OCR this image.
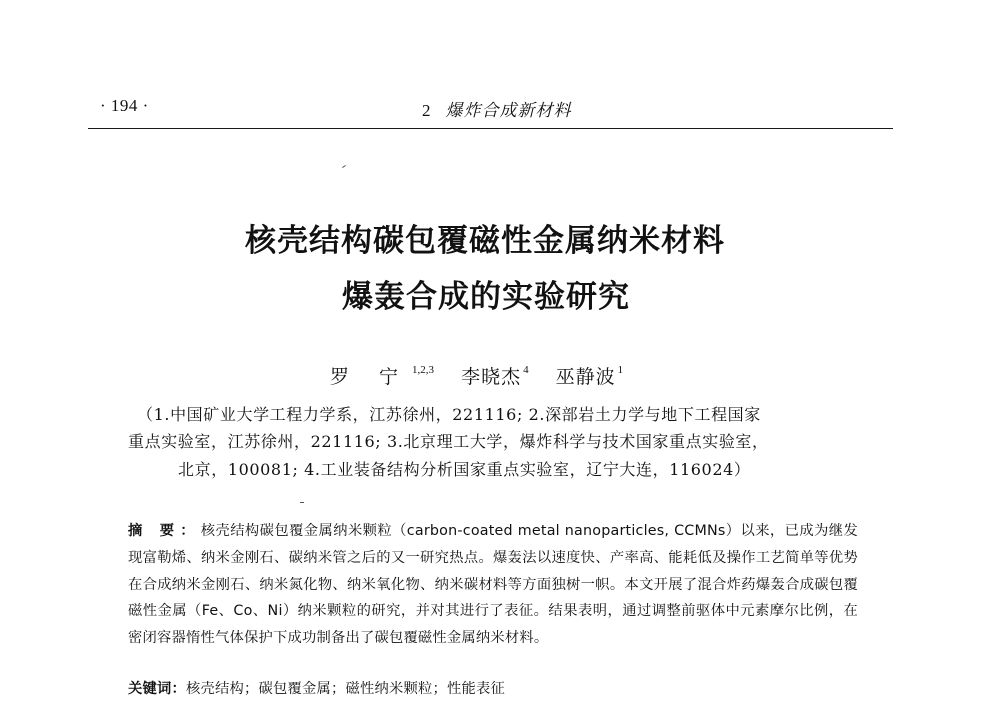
· 194 ·	2 爆炸合成新材料
核壳结构碳包覆磁性金属纳米材料
爆轰合成的实验研究
罗 宁 $^{1,2,3}$ 李晓杰 $^4$ 巫静波 $^1$
（1.中国矿业大学工程力学系，江苏徐州，221116; 2.深部岩土力学与地下工程国家
重点实验室，江苏徐州，221116; 3.北京理工大学，爆炸科学与技术国家重点实验室，
北京，100081; 4.工业装备结构分析国家重点实验室，辽宁大连，116024）
摘 要：核壳结构碳包覆金属纳米颗粒（carbon-coated metal nanoparticles, CCMNs）以来，已成为继发现富勒烯、纳米金刚石、碳纳米管之后的又一研究热点。爆轰法以速度快、产率高、能耗低及操作工艺简单等优势在合成纳米金刚石、纳米氮化物、纳米氧化物、纳米碳材料等方面独树一帜。本文开展了混合炸药爆轰合成碳包覆磁性金属（Fe、Co、Ni）纳米颗粒的研究，并对其进行了表征。结果表明，通过调整前驱体中元素摩尔比例，在密闭容器惰性气体保护下成功制备出了碳包覆磁性金属纳米材料。
关键词：核壳结构 ； 碳包覆金属 ； 磁性纳米颗粒 ； 性能表征
